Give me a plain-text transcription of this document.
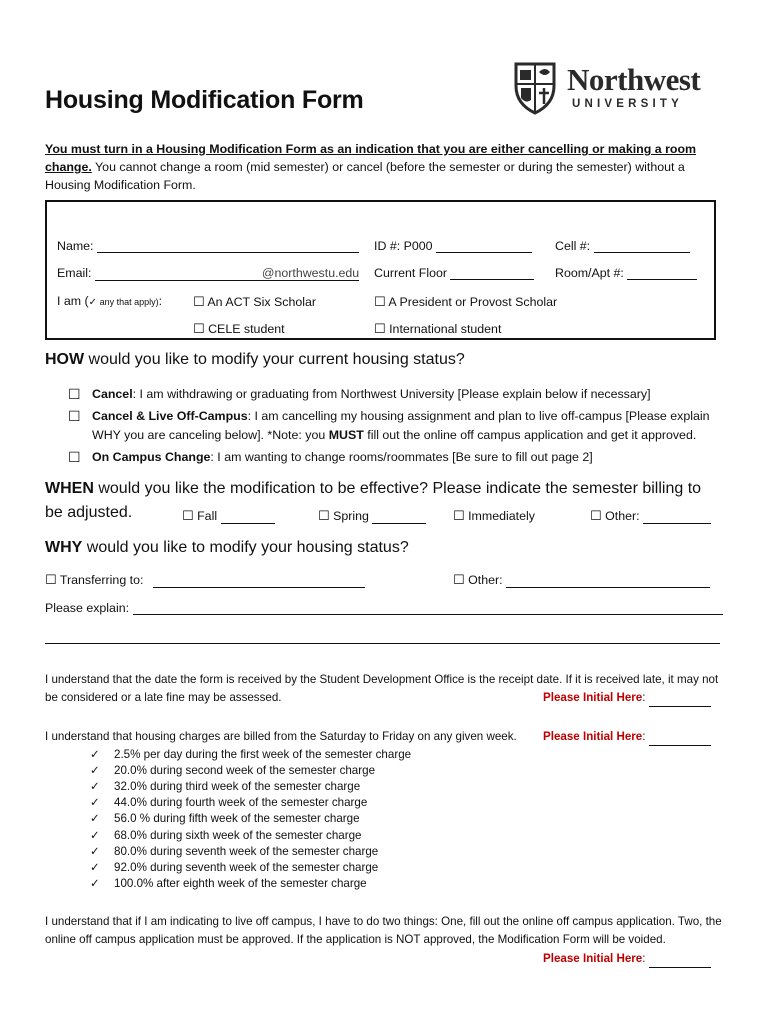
Housing Modification Form
Northwest
UNIVERSITY
You must turn in a Housing Modification Form as an indication that you are either cancelling or making a room change. You cannot change a room (mid semester) or cancel (before the semester or during the semester) without a Housing Modification Form.
Name:	ID #: P000	Cell #:
Email:	@northwestu.edu Current Floor	Room/Apt #:
I am (✓ any that apply): ☐ An ACT Six Scholar	☐ A President or Provost Scholar
☐ CELE student	☐ International student
HOW would you like to modify your current housing status?
☐ Cancel: I am withdrawing or graduating from Northwest University [Please explain below if necessary]
☐ Cancel & Live Off-Campus: I am cancelling my housing assignment and plan to live off-campus [Please explain WHY you are canceling below]. *Note: you MUST fill out the online off campus application and get it approved.
☐ On Campus Change: I am wanting to change rooms/roommates [Be sure to fill out page 2]
WHEN would you like the modification to be effective? Please indicate the semester billing to
be adjusted.	☐ Fall	☐ Spring	☐ Immediately	☐ Other:
WHY would you like to modify your housing status?
☐ Transferring to:	☐ Other:
Please explain:
I understand that the date the form is received by the Student Development Office is the receipt date. If it is received late, it may not be considered or a late fine may be assessed.	Please Initial Here:
I understand that housing charges are billed from the Saturday to Friday on any given week. Please Initial Here:
✓ 2.5% per day during the first week of the semester charge
✓ 20.0% during second week of the semester charge
✓ 32.0% during third week of the semester charge
✓ 44.0% during fourth week of the semester charge
✓ 56.0 % during fifth week of the semester charge
✓ 68.0% during sixth week of the semester charge
✓ 80.0% during seventh week of the semester charge
✓ 92.0% during seventh week of the semester charge
✓ 100.0% after eighth week of the semester charge
I understand that if I am indicating to live off campus, I have to do two things: One, fill out the online off campus application. Two, the online off campus application must be approved. If the application is NOT approved, the Modification Form will be voided.
Please Initial Here:
